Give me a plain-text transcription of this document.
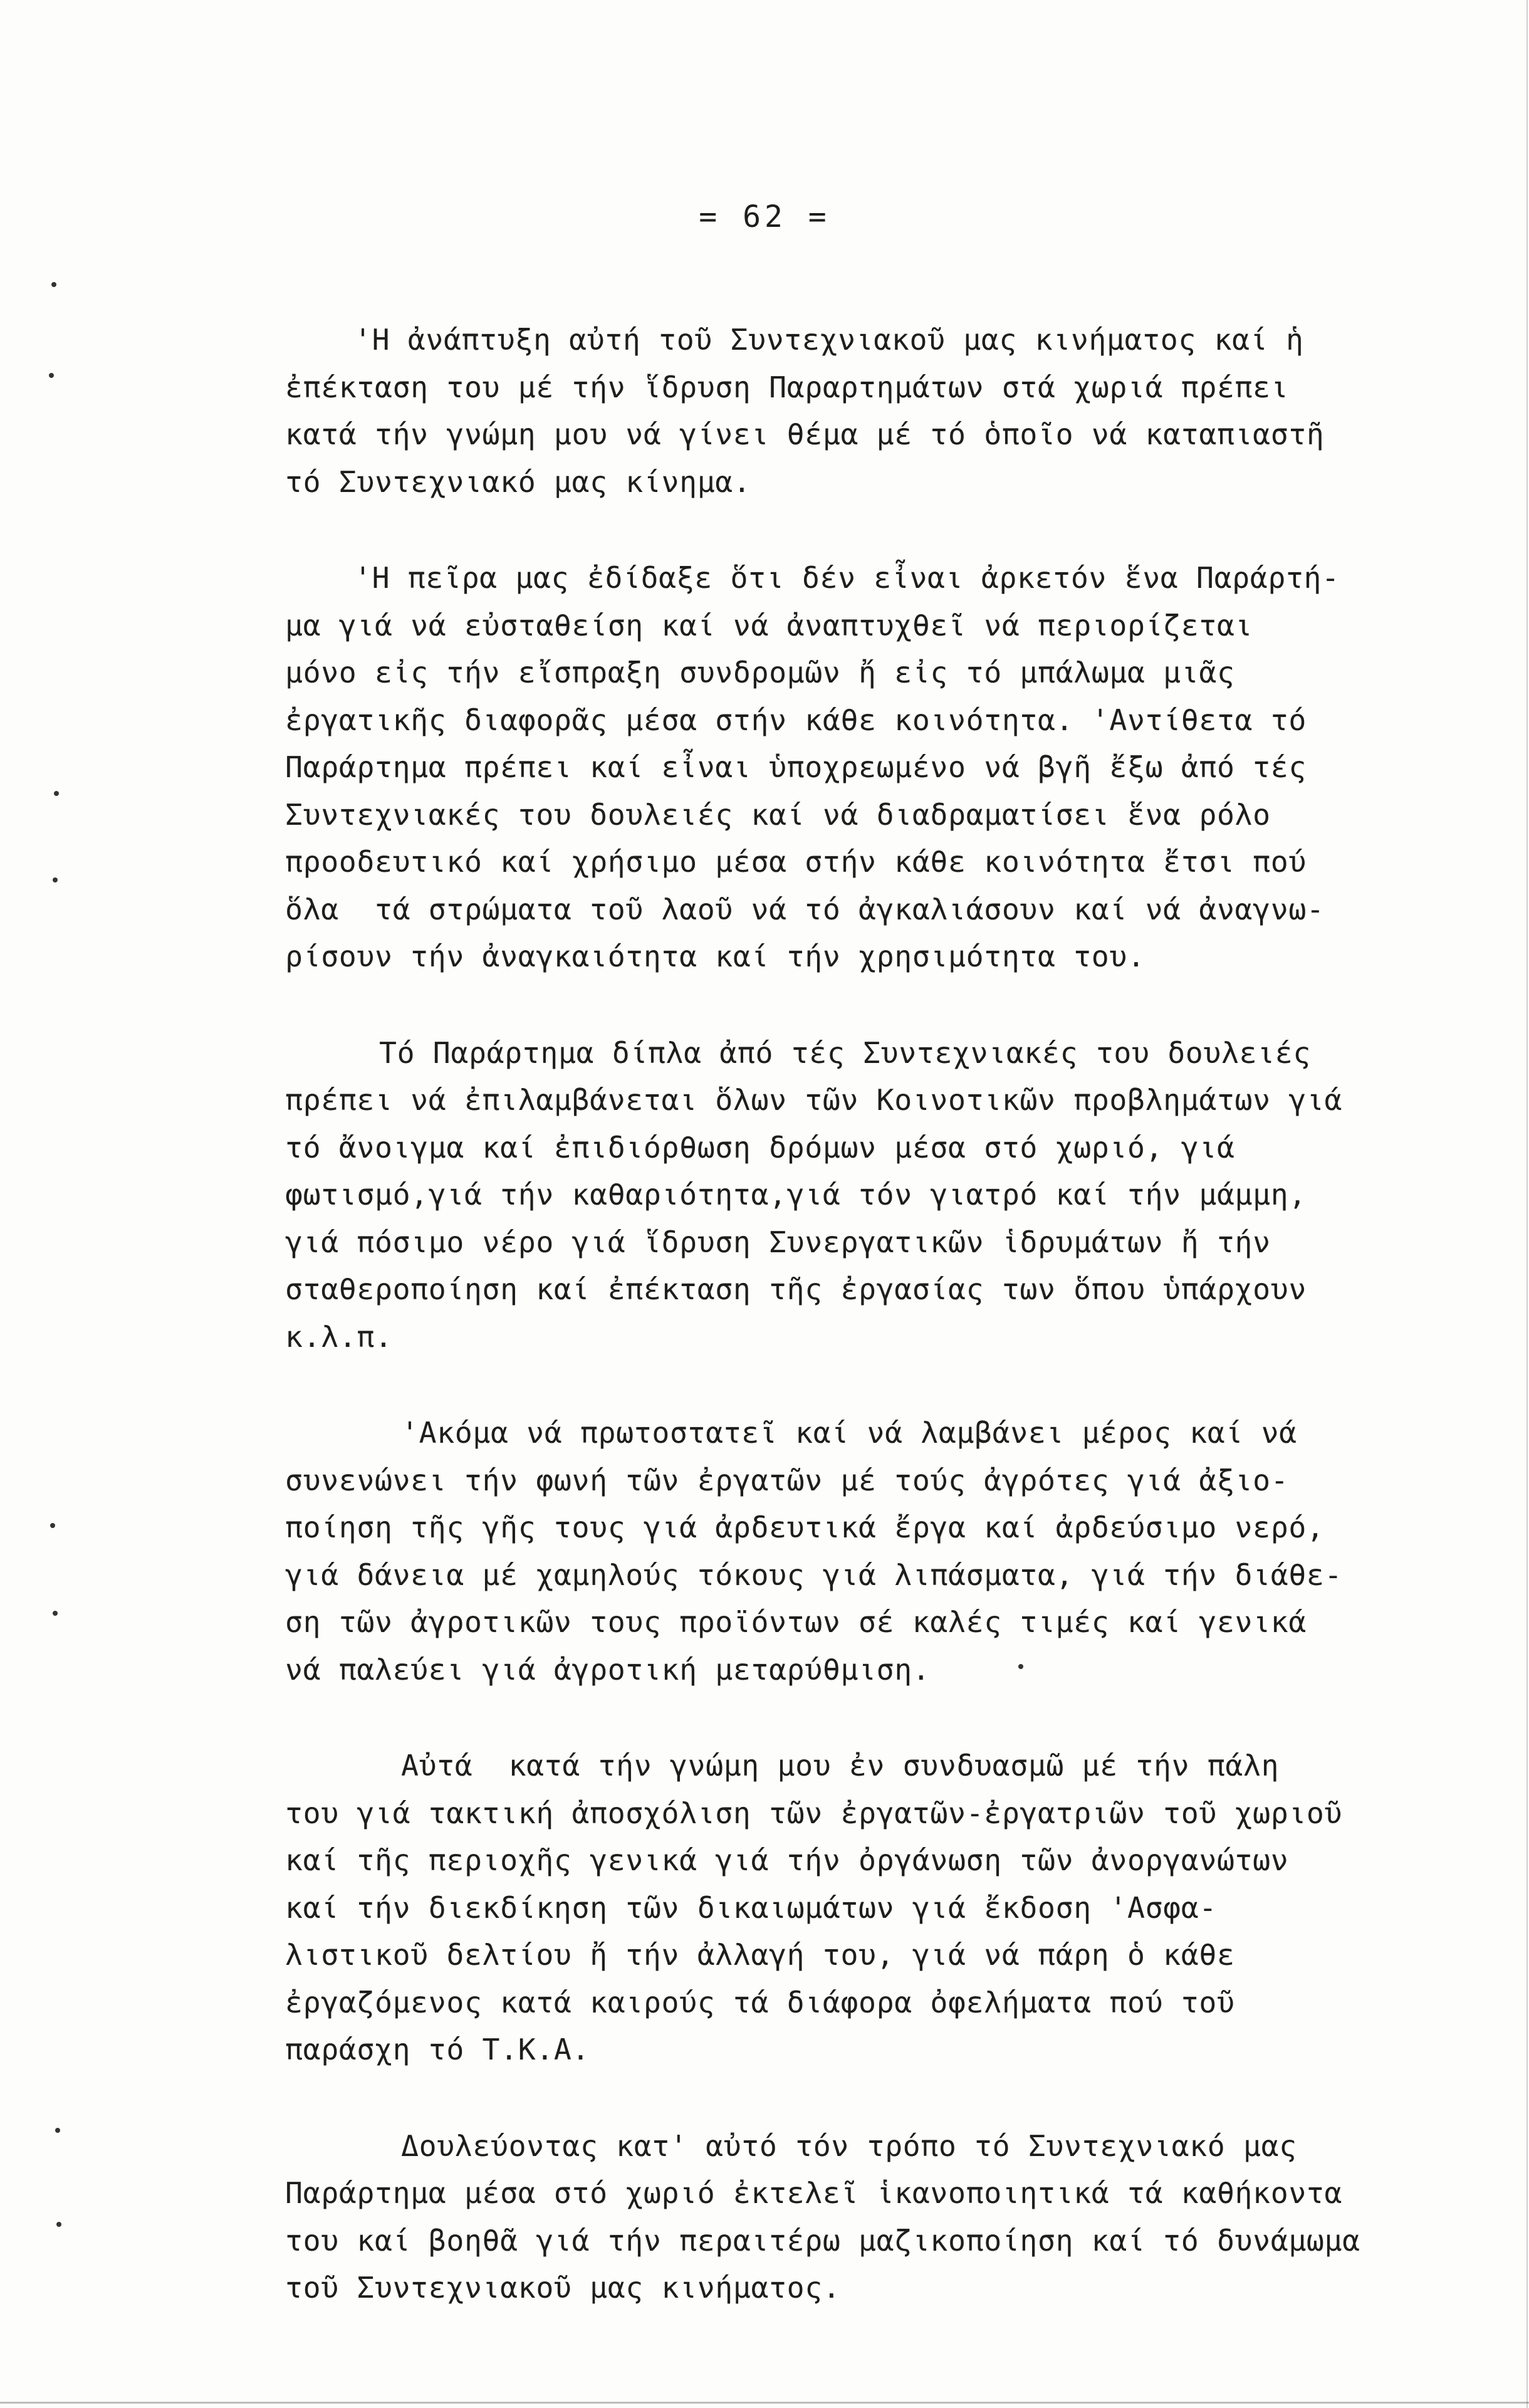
= 62 =
'Η ἀνάπτυξη αὐτή τοῦ Συντεχνιακοῦ μας κινήματος καί ἡ
ἐπέκταση του μέ τήν ἵδρυση Παραρτημάτων στά χωριά πρέπει
κατά τήν γνώμη μου νά γίνει θέμα μέ τό ὁποῖο νά καταπιαστῆ
τό Συντεχνιακό μας κίνημα.
'Η πεῖρα μας ἐδίδαξε ὅτι δέν εἶναι ἀρκετόν ἕνα Παράρτή-
μα γιά νά εὐσταθείση καί νά ἀναπτυχθεῖ νά περιορίζεται
μόνο εἰς τήν εἴσπραξη συνδρομῶν ἤ εἰς τό μπάλωμα μιᾶς
ἐργατικῆς διαφορᾶς μέσα στήν κάθε κοινότητα. 'Αντίθετα τό
Παράρτημα πρέπει καί εἶναι ὑποχρεωμένο νά βγῆ ἔξω ἀπό τές
Συντεχνιακές του δουλειές καί νά διαδραματίσει ἕνα ρόλο
προοδευτικό καί χρήσιμο μέσα στήν κάθε κοινότητα ἔτσι πού
ὅλα  τά στρώματα τοῦ λαοῦ νά τό ἀγκαλιάσουν καί νά ἀναγνω-
ρίσουν τήν ἀναγκαιότητα καί τήν χρησιμότητα του.
Τό Παράρτημα δίπλα ἀπό τές Συντεχνιακές του δουλειές
πρέπει νά ἐπιλαμβάνεται ὅλων τῶν Κοινοτικῶν προβλημάτων γιά
τό ἄνοιγμα καί ἐπιδιόρθωση δρόμων μέσα στό χωριό, γιά
φωτισμό,γιά τήν καθαριότητα,γιά τόν γιατρό καί τήν μάμμη,
γιά πόσιμο νέρο γιά ἵδρυση Συνεργατικῶν ἱδρυμάτων ἤ τήν
σταθεροποίηση καί ἐπέκταση τῆς ἐργασίας των ὅπου ὑπάρχουν
κ.λ.π.
'Ακόμα νά πρωτοστατεῖ καί νά λαμβάνει μέρος καί νά
συνενώνει τήν φωνή τῶν ἐργατῶν μέ τούς ἀγρότες γιά ἀξιο-
ποίηση τῆς γῆς τους γιά ἀρδευτικά ἔργα καί ἀρδεύσιμο νερό,
γιά δάνεια μέ χαμηλούς τόκους γιά λιπάσματα, γιά τήν διάθε-
ση τῶν ἀγροτικῶν τους προϊόντων σέ καλές τιμές καί γενικά
νά παλεύει γιά ἀγροτική μεταρύθμιση.
Αὐτά  κατά τήν γνώμη μου ἐν συνδυασμῶ μέ τήν πάλη
του γιά τακτική ἀποσχόλιση τῶν ἐργατῶν-ἐργατριῶν τοῦ χωριοῦ
καί τῆς περιοχῆς γενικά γιά τήν ὀργάνωση τῶν ἀνοργανώτων
καί τήν διεκδίκηση τῶν δικαιωμάτων γιά ἔκδοση 'Ασφα-
λιστικοῦ δελτίου ἤ τήν ἀλλαγή του, γιά νά πάρη ὁ κάθε
ἐργαζόμενος κατά καιρούς τά διάφορα ὀφελήματα πού τοῦ
παράσχη τό Τ.Κ.Α.
Δουλεύοντας κατ' αὐτό τόν τρόπο τό Συντεχνιακό μας
Παράρτημα μέσα στό χωριό ἐκτελεῖ ἱκανοποιητικά τά καθήκοντα
του καί βοηθᾶ γιά τήν περαιτέρω μαζικοποίηση καί τό δυνάμωμα
τοῦ Συντεχνιακοῦ μας κινήματος.
